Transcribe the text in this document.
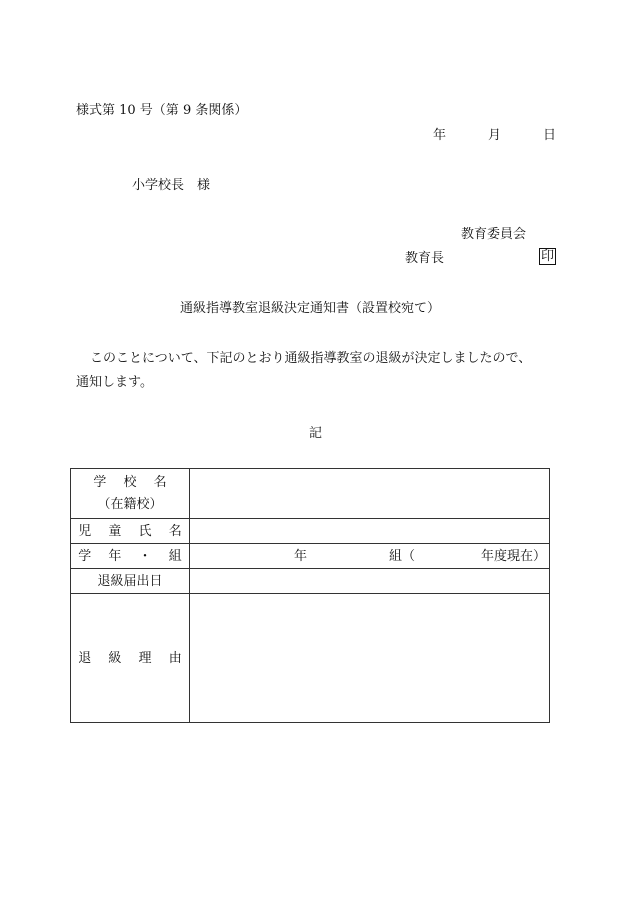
様式第 10 号（第 9 条関係）
年	月	日
小学校長　様
教育委員会
教育長	印
通級指導教室退級決定通知書（設置校宛て）
このことについて、下記のとおり通級指導教室の退級が決定しましたので、
通知します。
記
学 校 名
（在籍校）	

児 童 氏 名	
学 年 ・ 組	年 組（ 年度現在）

退級届出日	
退 級 理 由	
